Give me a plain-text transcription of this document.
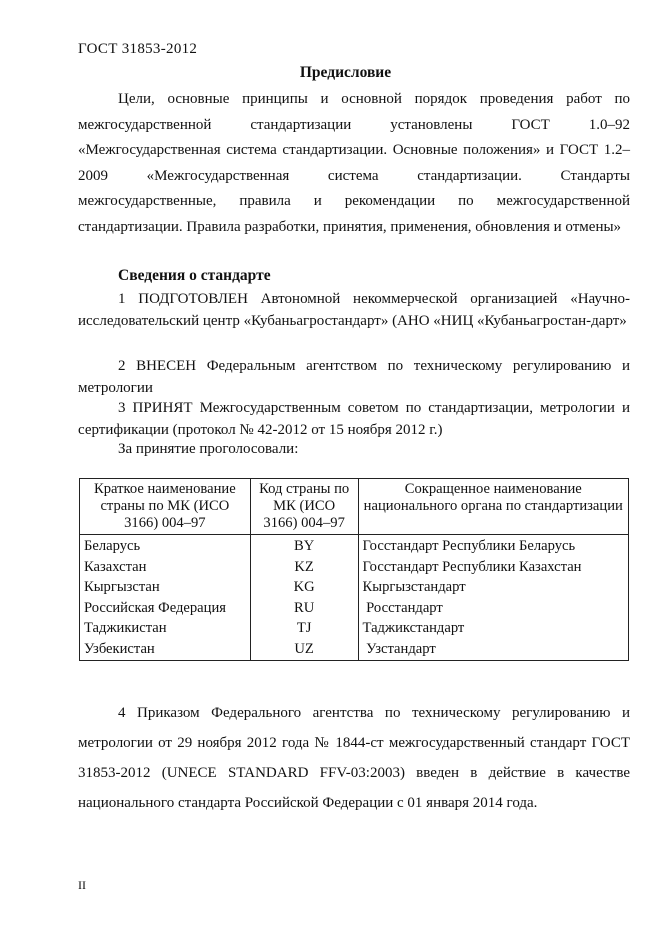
ГОСТ 31853-2012
Предисловие
Цели, основные принципы и основной порядок проведения работ по межгосударственной стандартизации установлены ГОСТ 1.0–92 «Межгосударственная система стандартизации. Основные положения» и ГОСТ 1.2–2009 «Межгосударственная система стандартизации. Стандарты межгосударственные, правила и рекомендации по межгосударственной стандартизации. Правила разработки, принятия, применения, обновления и отмены»
Сведения о стандарте
1 ПОДГОТОВЛЕН Автономной некоммерческой организацией «Научно-исследовательский центр «Кубаньагростандарт» (АНО «НИЦ «Кубаньагростан-дарт»
2 ВНЕСЕН Федеральным агентством по техническому регулированию и метрологии
3 ПРИНЯТ Межгосударственным советом по стандартизации, метрологии и сертификации (протокол № 42-2012 от 15 ноября 2012 г.)
За принятие проголосовали:
Краткое наименование страны по МК (ИСО 3166) 004–97	Код страны по МК (ИСО 3166) 004–97	Сокращенное наименование национального органа по стандартизации
Беларусь	BY	Госстандарт Республики Беларусь
Казахстан	KZ	Госстандарт Республики Казахстан
Кыргызстан	KG	Кыргызстандарт
Российская Федерация	RU	Росстандарт
Таджикистан	TJ	Таджикстандарт
Узбекистан	UZ	Узстандарт
4 Приказом Федерального агентства по техническому регулированию и метрологии от 29 ноября 2012 года № 1844-ст межгосударственный стандарт ГОСТ 31853-2012 (UNECE STANDARD FFV-03:2003) введен в действие в качестве национального стандарта Российской Федерации с 01 января 2014 года.
II
